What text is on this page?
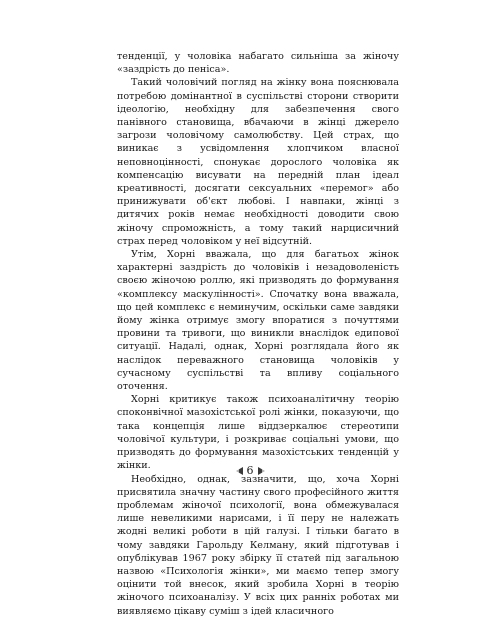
тенденції, у чоловіка набагато сильніша за жіночу «заздрість до пеніса».

Такий чоловічий погляд на жінку вона пояснювала потребою домінантної в суспільстві сторони створити ідеологію, необхідну для забезпечення свого панівного становища, вбачаючи в жінці джерело загрози чоловічому самолюбству. Цей страх, що виникає з усвідомлення хлопчиком власної неповноцінності, спонукає дорослого чоловіка як компенсацію висувати на передній план ідеал креативності, досягати сексуальних «перемог» або принижувати об'єкт любові. І навпаки, жінці з дитячих років немає необхідності доводити свою жіночу спроможність, а тому такий нарцисичний страх перед чоловіком у неї відсутній.

Утім, Хорні вважала, що для багатьох жінок характерні заздрість до чоловіків і незадоволеність своєю жіночою роллю, які призводять до формування «комплексу маскулінності». Спочатку вона вважала, що цей комплекс є неминучим, оскільки саме завдяки йому жінка отримує змогу впоратися з почуттями провини та тривоги, що виникли внаслідок едипової ситуації. Надалі, однак, Хорні розглядала його як наслідок переважного становища чоловіків у сучасному суспільстві та впливу соціального оточення.

Хорні критикує також психоаналітичну теорію споконвічної мазохістської ролі жінки, показуючи, що така концепція лише віддзеркалює стереотипи чоловічої культури, і розкриває соціальні умови, що призводять до формування мазохістських тенденцій у жінки.

Необхідно, однак, зазначити, що, хоча Хорні присвятила значну частину свого професійного життя проблемам жіночої психології, вона обмежувалася лише невеликими нарисами, і її перу не належать жодні великі роботи в цій галузі. І тільки багато в чому завдяки Гарольду Келману, який підготував і опублікував 1967 року збірку її статей під загальною назвою «Психологія жінки», ми маємо тепер змогу оцінити той внесок, який зробила Хорні в теорію жіночого психоаналізу. У всіх цих ранніх роботах ми виявляємо цікаву суміш з ідей класичного

6
